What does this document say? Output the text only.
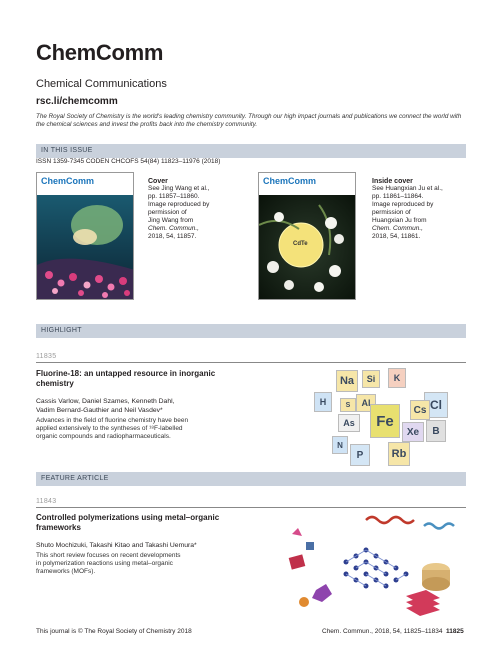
ChemComm
Chemical Communications
rsc.li/chemcomm
The Royal Society of Chemistry is the world's leading chemistry community. Through our high impact journals and publications we connect the world with the chemical sciences and invest the profits back into the chemistry community.
IN THIS ISSUE
ISSN 1359-7345 CODEN CHCOFS 54(84) 11823–11976 (2018)
ChemComm	Cover
See Jing Wang et al.,
pp. 11857–11860.
Image reproduced by
permission of
Jing Wang from
Chem. Commun.,
2018, 54, 11857.
ChemComm
CdTe
Inside cover
See Huangxian Ju et al.,
pp. 11861–11864.
Image reproduced by
permission of
Huangxian Ju from
Chem. Commun.,
2018, 54, 11861.
HIGHLIGHT
11835
Fluorine-18: an untapped resource in inorganic
chemistry
Cassis Varlow, Daniel Szames, Kenneth Dahl,
Vadim Bernard-Gauthier and Neil Vasdev*
Advances in the field of fluorine chemistry have been
applied extensively to the syntheses of ¹⁸F-labelled
organic compounds and radiopharmaceuticals.
H
Na	Si	K
Al	Cl
Cs
S
As	Fe
Xe	B
N
P	Rb
FEATURE ARTICLE
11843
Controlled polymerizations using metal–organic
frameworks
Shuto Mochizuki, Takashi Kitao and Takashi Uemura*
This short review focuses on recent developments
in polymerization reactions using metal–organic
frameworks (MOFs).
This journal is © The Royal Society of Chemistry 2018	Chem. Commun., 2018, 54, 11825–11834 11825
